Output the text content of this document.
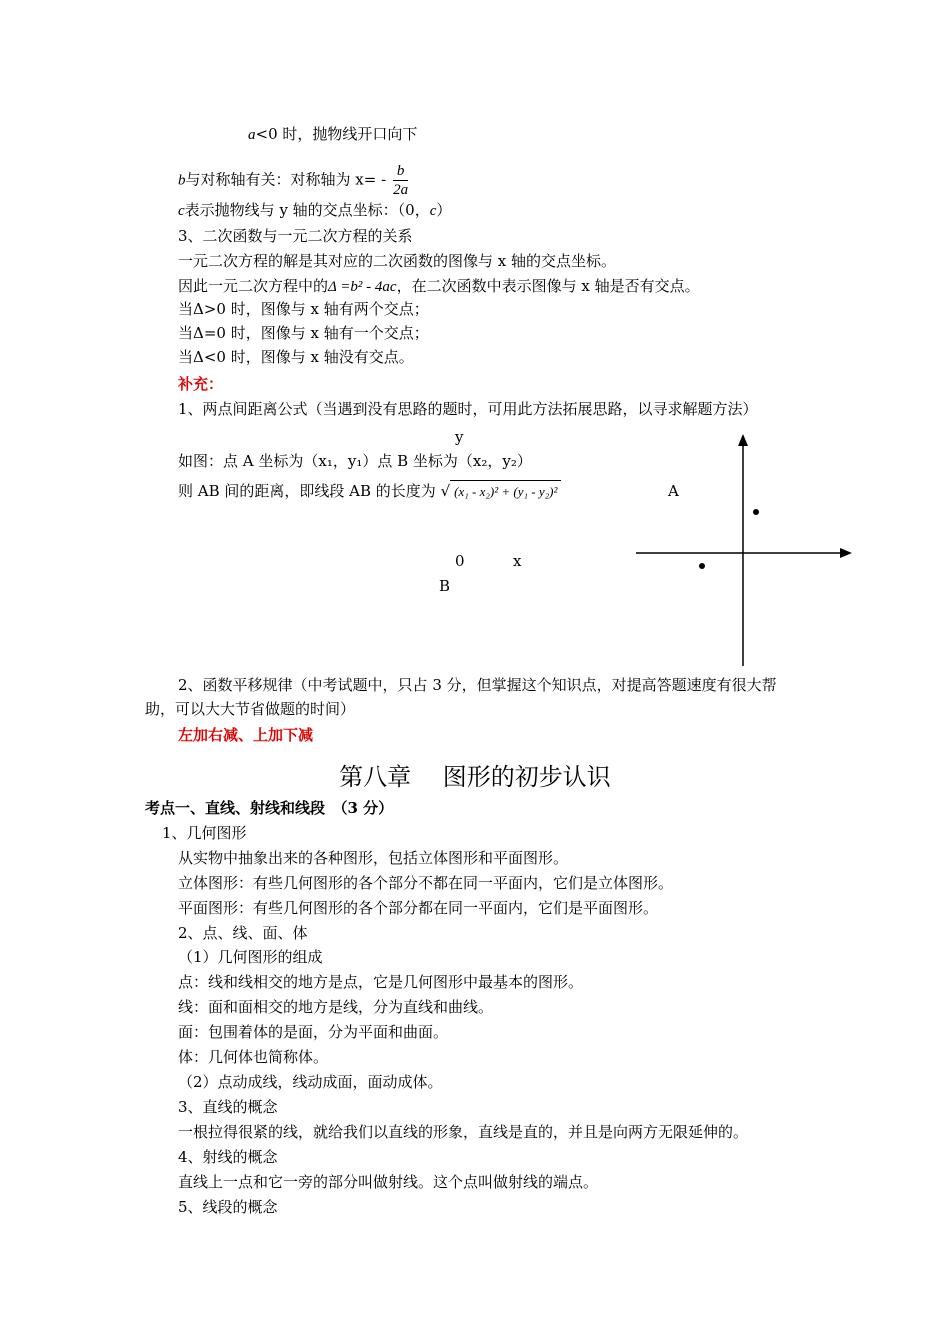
a<0 时，抛物线开口向下
b与对称轴有关：对称轴为 $x= - \frac{b}{2a}$
c表示抛物线与 y 轴的交点坐标：（0，c）
3、二次函数与一元二次方程的关系
一元二次方程的解是其对应的二次函数的图像与 x 轴的交点坐标。
因此一元二次方程中的Δ =b² - 4ac，在二次函数中表示图像与 x 轴是否有交点。
当Δ>0 时，图像与 x 轴有两个交点；
当Δ=0 时，图像与 x 轴有一个交点；
当Δ<0 时，图像与 x 轴没有交点。
补充：
1、两点间距离公式（当遇到没有思路的题时，可用此方法拓展思路，以寻求解题方法）
y
如图：点 A 坐标为（x₁，y₁）点 B 坐标为（x₂，y₂）
则 AB 间的距离，即线段 AB 的长度为 √ (x₁ - x₂)² + (y₁ - y₂)²	A
0	x
B
2、函数平移规律（中考试题中，只占 3 分，但掌握这个知识点，对提高答题速度有很大帮
助，可以大大节省做题的时间）
左加右减、上加下减
第八章　 图形的初步认识
考点一、直线、射线和线段　（3 分）
1、几何图形
从实物中抽象出来的各种图形，包括立体图形和平面图形。
立体图形：有些几何图形的各个部分不都在同一平面内，它们是立体图形。
平面图形：有些几何图形的各个部分都在同一平面内，它们是平面图形。
2、点、线、面、体
（1）几何图形的组成
点：线和线相交的地方是点，它是几何图形中最基本的图形。
线：面和面相交的地方是线，分为直线和曲线。
面：包围着体的是面，分为平面和曲面。
体：几何体也简称体。
（2）点动成线，线动成面，面动成体。
3、直线的概念
一根拉得很紧的线，就给我们以直线的形象，直线是直的，并且是向两方无限延伸的。
4、射线的概念
直线上一点和它一旁的部分叫做射线。这个点叫做射线的端点。
5、线段的概念
